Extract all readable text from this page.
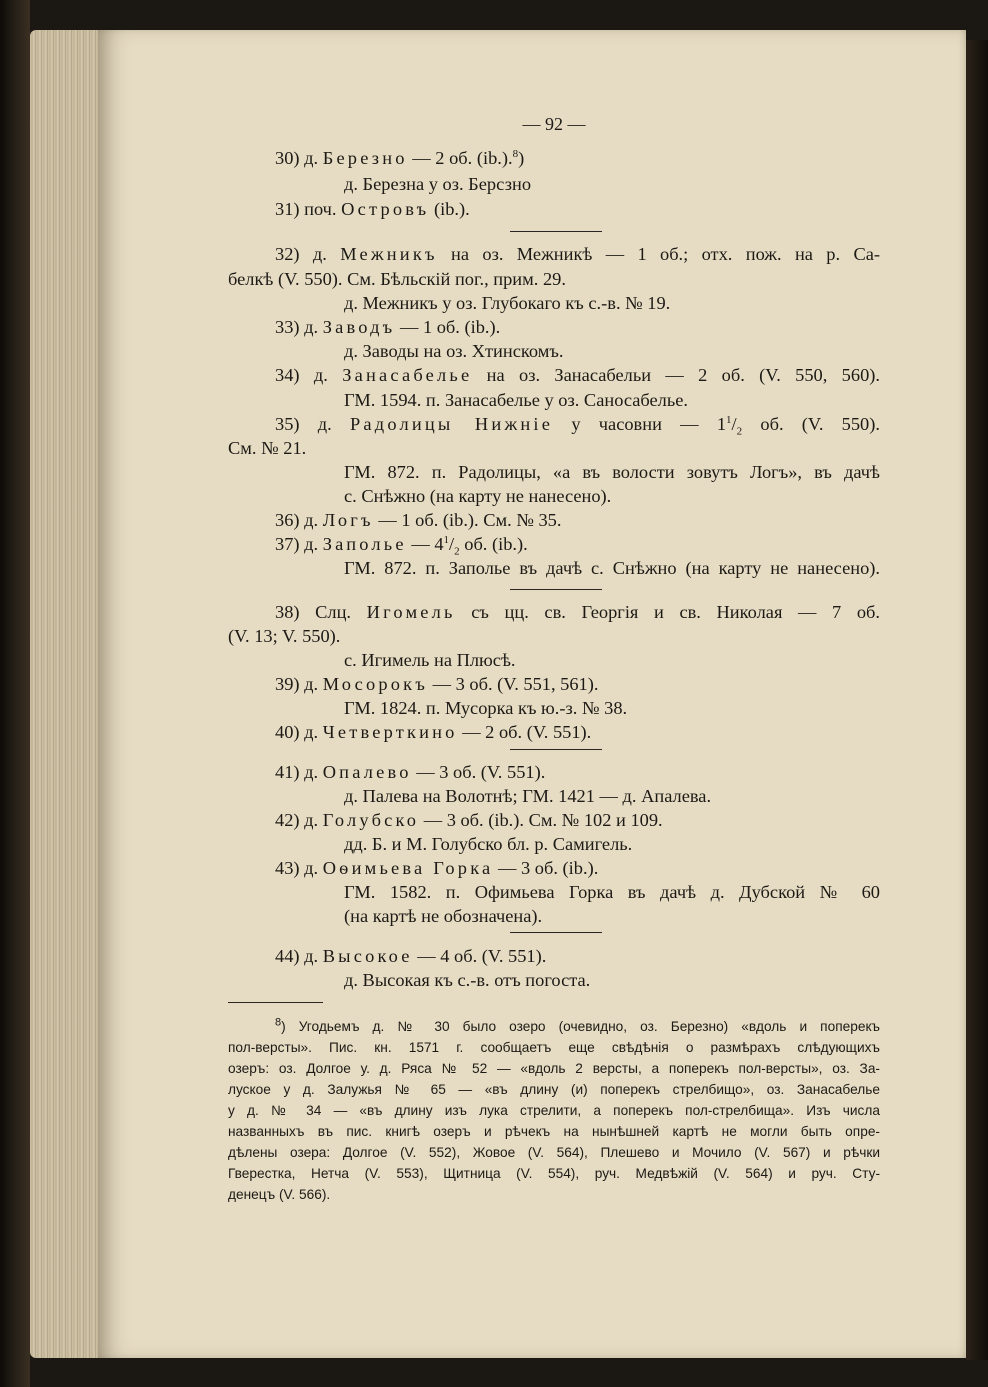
— 92 —
30) д. Березно — 2 об. (ib.).$^8$)
д. Березна у оз. Берсзно
31) поч. Островъ (ib.).
32) д. Межникъ на оз. Межникѣ — 1 об.; отх. пож. на р. Са-
белкѣ (V. 550). См. Бѣльскій пог., прим. 29.
д. Межникъ у оз. Глубокаго къ с.-в. № 19.
33) д. Заводъ — 1 об. (ib.).
д. Заводы на оз. Хтинскомъ.
34) д. Занасабелье на оз. Занасабельи — 2 об. (V. 550, 560).
ГМ. 1594. п. Занасабелье у оз. Саносабелье.
35) д. Радолицы Нижніе у часовни — $1^1/_2$ об. (V. 550).
См. № 21.
ГМ. 872. п. Радолицы, «а въ волости зовутъ Логъ», въ дачѣ
с. Снѣжно (на карту не нанесено).
36) д. Логъ — 1 об. (ib.). См. № 35.
37) д. Заполье — $4^1/_2$ об. (ib.).
ГМ. 872. п. Заполье въ дачѣ с. Снѣжно (на карту не нанесено).
38) Слц. Игомель съ цц. св. Георгія и св. Николая — 7 об.
(V. 13; V. 550).
с. Игимель на Плюсѣ.
39) д. Мосорокъ — 3 об. (V. 551, 561).
ГМ. 1824. п. Мусорка къ ю.-з. № 38.
40) д. Четверткино — 2 об. (V. 551).
41) д. Опалево — 3 об. (V. 551).
д. Палева на Волотнѣ; ГМ. 1421 — д. Апалева.
42) д. Голубско — 3 об. (ib.). См. № 102 и 109.
дд. Б. и М. Голубско бл. р. Самигель.
43) д. Оѳимьева Горка — 3 об. (ib.).
ГМ. 1582. п. Офимьева Горка въ дачѣ д. Дубской № 60
(на картѣ не обозначена).
44) д. Высокое — 4 об. (V. 551).
д. Высокая къ с.-в. отъ погоста.
$^8$) Угодьемъ д. № 30 было озеро (очевидно, оз. Березно) «вдоль и поперекъ
пол-версты». Пис. кн. 1571 г. сообщаетъ еще свѣдѣнія о размѣрахъ слѣдующихъ
озеръ: оз. Долгое у. д. Ряса № 52 — «вдоль 2 версты, а поперекъ пол-версты», оз. За-
луское у д. Залужья № 65 — «въ длину (и) поперекъ стрелбищо», оз. Занасабелье
у д. № 34 — «въ длину изъ лука стрелити, а поперекъ пол-стрелбища». Изъ числа
названныхъ въ пис. книгѣ озеръ и рѣчекъ на нынѣшней картѣ не могли быть опре-
дѣлены озера: Долгое (V. 552), Жовое (V. 564), Плешево и Мочило (V. 567) и рѣчки
Гверестка, Нетча (V. 553), Щитница (V. 554), руч. Медвѣжій (V. 564) и руч. Сту-
денецъ (V. 566).
